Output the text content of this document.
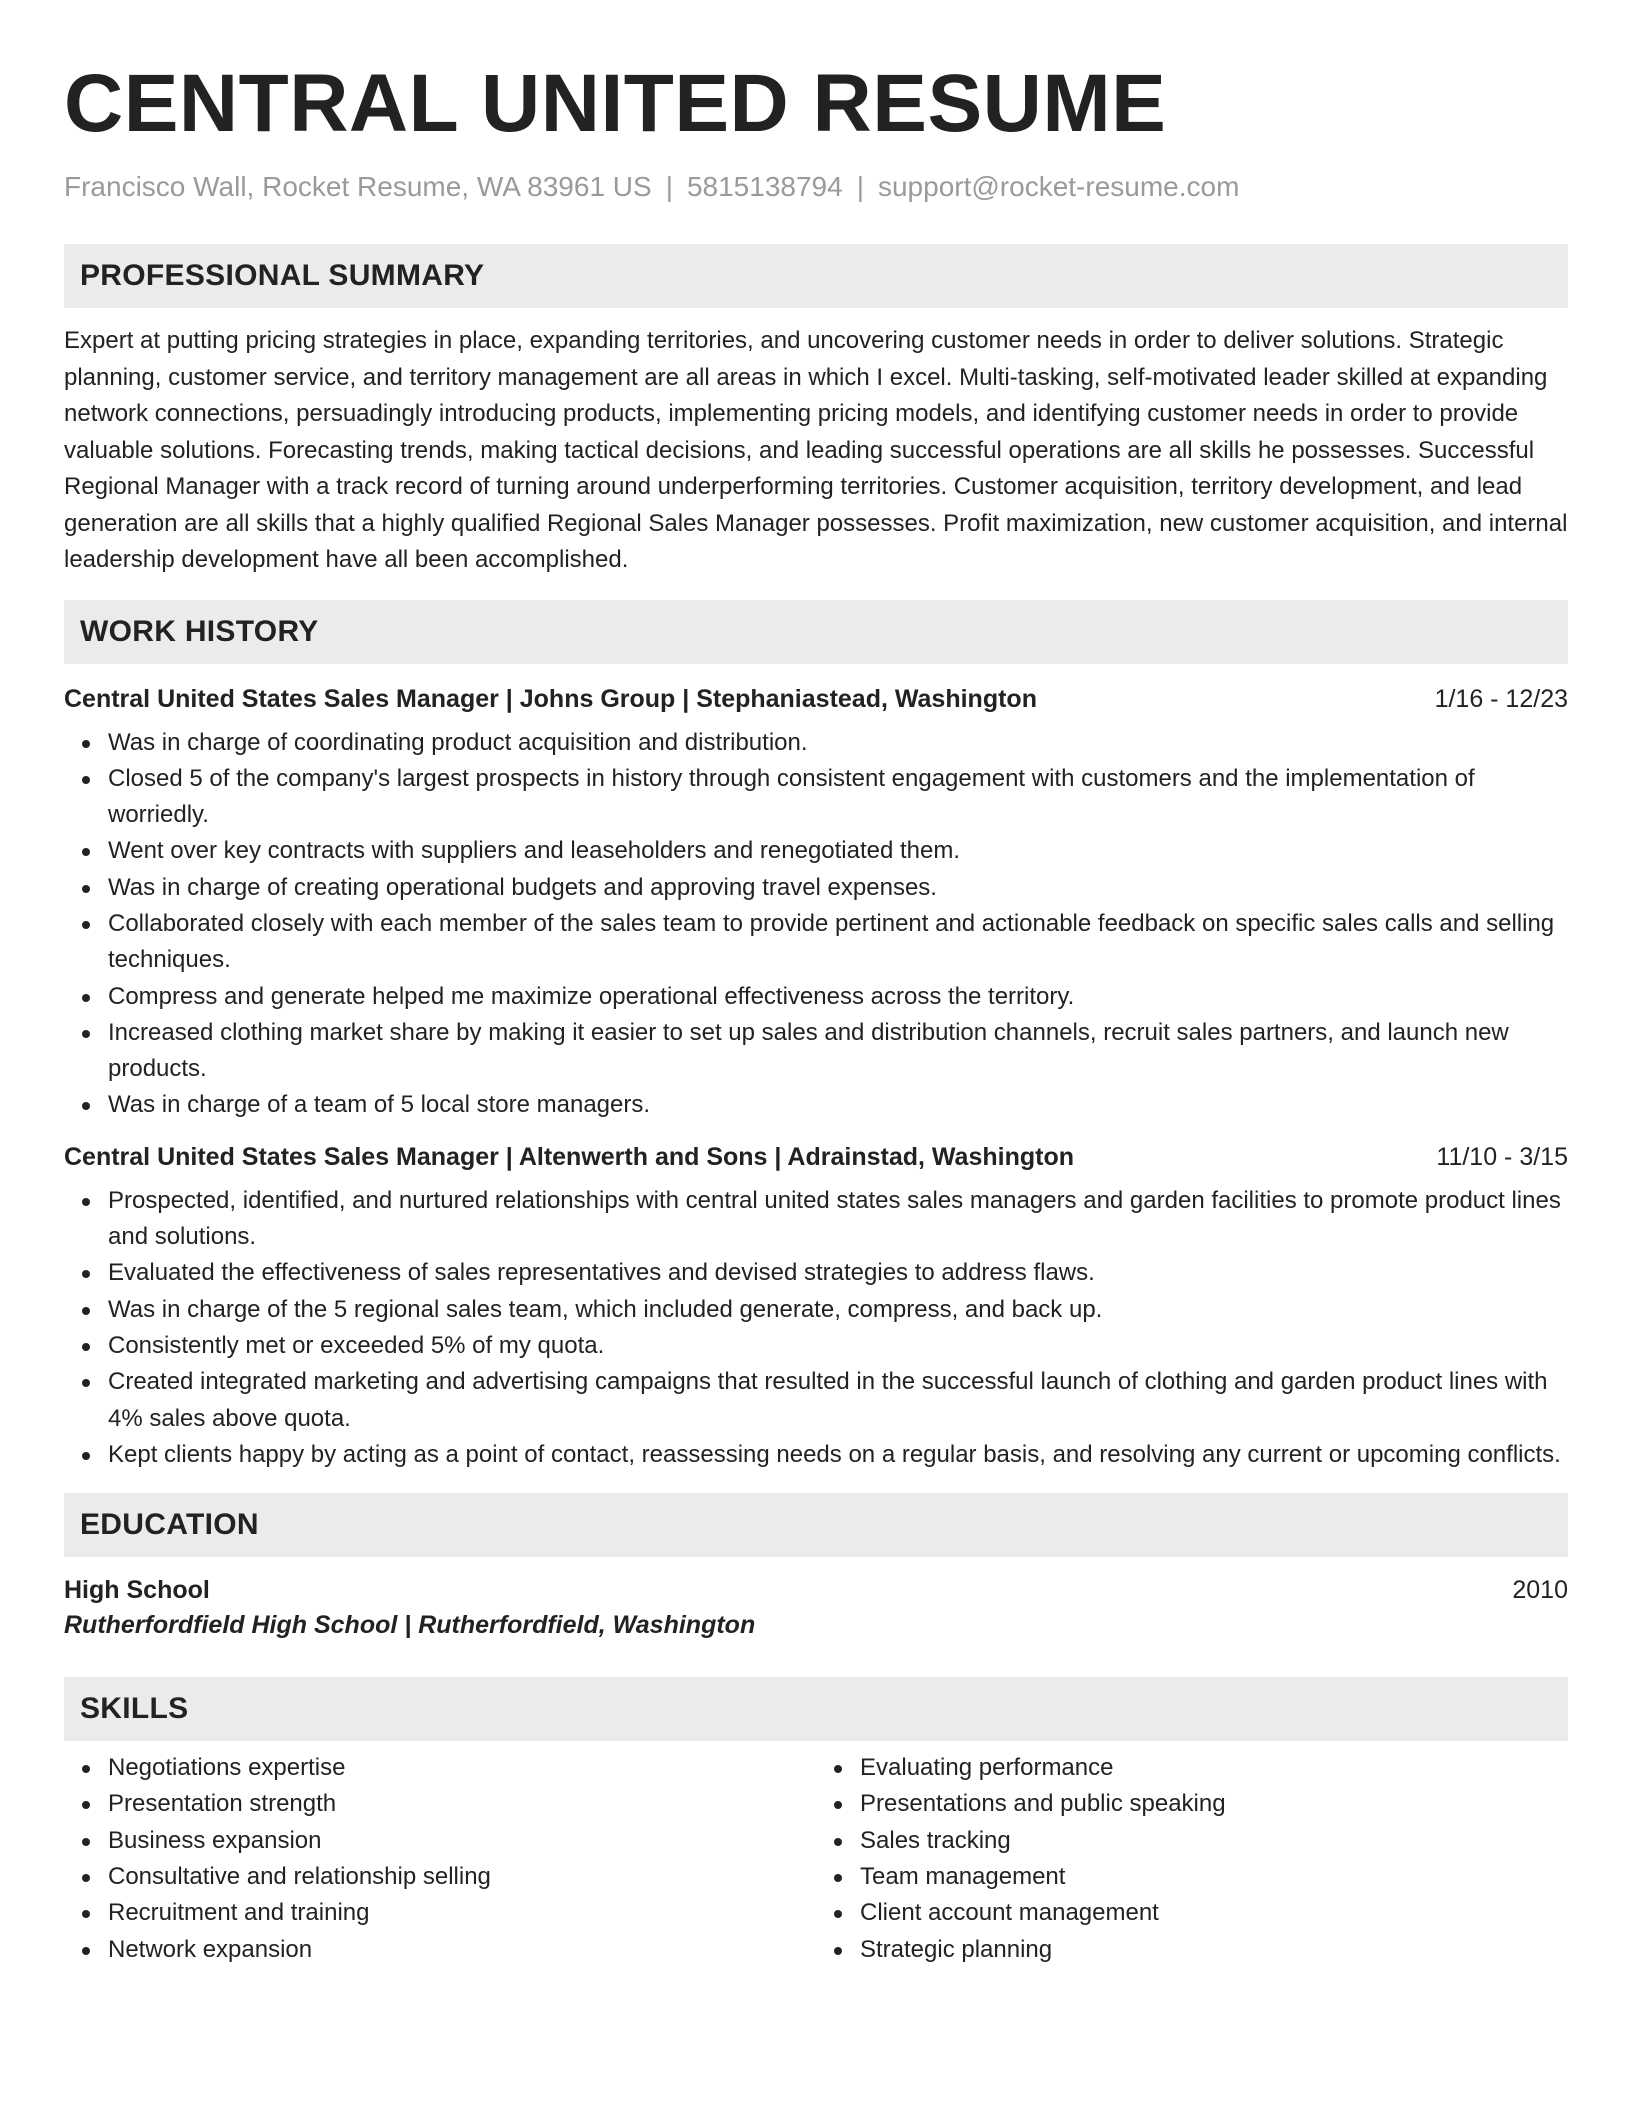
CENTRAL UNITED RESUME
Francisco Wall, Rocket Resume, WA 83961 US | 5815138794 | support@rocket-resume.com
PROFESSIONAL SUMMARY

Expert at putting pricing strategies in place, expanding territories, and uncovering customer needs in order to deliver solutions. Strategic planning, customer service, and territory management are all areas in which I excel. Multi-tasking, self-motivated leader skilled at expanding network connections, persuadingly introducing products, implementing pricing models, and identifying customer needs in order to provide valuable solutions. Forecasting trends, making tactical decisions, and leading successful operations are all skills he possesses. Successful Regional Manager with a track record of turning around underperforming territories. Customer acquisition, territory development, and lead generation are all skills that a highly qualified Regional Sales Manager possesses. Profit maximization, new customer acquisition, and internal leadership development have all been accomplished.

WORK HISTORY
Central United States Sales Manager | Johns Group | Stephaniastead, Washington	1/16 - 12/23
Was in charge of coordinating product acquisition and distribution.
Closed 5 of the company's largest prospects in history through consistent engagement with customers and the implementation of worriedly.
Went over key contracts with suppliers and leaseholders and renegotiated them.
Was in charge of creating operational budgets and approving travel expenses.
Collaborated closely with each member of the sales team to provide pertinent and actionable feedback on specific sales calls and selling techniques.
Compress and generate helped me maximize operational effectiveness across the territory.
Increased clothing market share by making it easier to set up sales and distribution channels, recruit sales partners, and launch new products.
Was in charge of a team of 5 local store managers.
Central United States Sales Manager | Altenwerth and Sons | Adrainstad, Washington	11/10 - 3/15
Prospected, identified, and nurtured relationships with central united states sales managers and garden facilities to promote product lines and solutions.
Evaluated the effectiveness of sales representatives and devised strategies to address flaws.
Was in charge of the 5 regional sales team, which included generate, compress, and back up.
Consistently met or exceeded 5% of my quota.
Created integrated marketing and advertising campaigns that resulted in the successful launch of clothing and garden product lines with 4% sales above quota.
Kept clients happy by acting as a point of contact, reassessing needs on a regular basis, and resolving any current or upcoming conflicts.
EDUCATION
High School	2010
Rutherfordfield High School | Rutherfordfield, Washington
SKILLS
Negotiations expertise
Presentation strength
Business expansion
Consultative and relationship selling
Recruitment and training
Network expansion
Evaluating performance
Presentations and public speaking
Sales tracking
Team management
Client account management
Strategic planning
